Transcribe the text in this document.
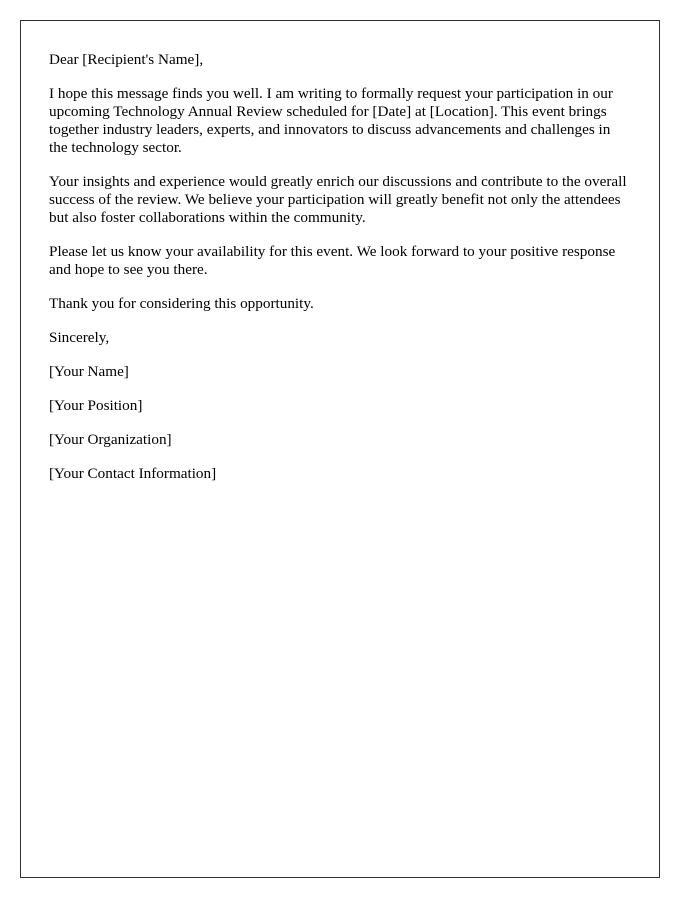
Dear [Recipient's Name],

I hope this message finds you well. I am writing to formally request your participation in our upcoming Technology Annual Review scheduled for [Date] at [Location]. This event brings together industry leaders, experts, and innovators to discuss advancements and challenges in the technology sector.

Your insights and experience would greatly enrich our discussions and contribute to the overall success of the review. We believe your participation will greatly benefit not only the attendees but also foster collaborations within the community.

Please let us know your availability for this event. We look forward to your positive response and hope to see you there.

Thank you for considering this opportunity.

Sincerely,

[Your Name]

[Your Position]

[Your Organization]

[Your Contact Information]
